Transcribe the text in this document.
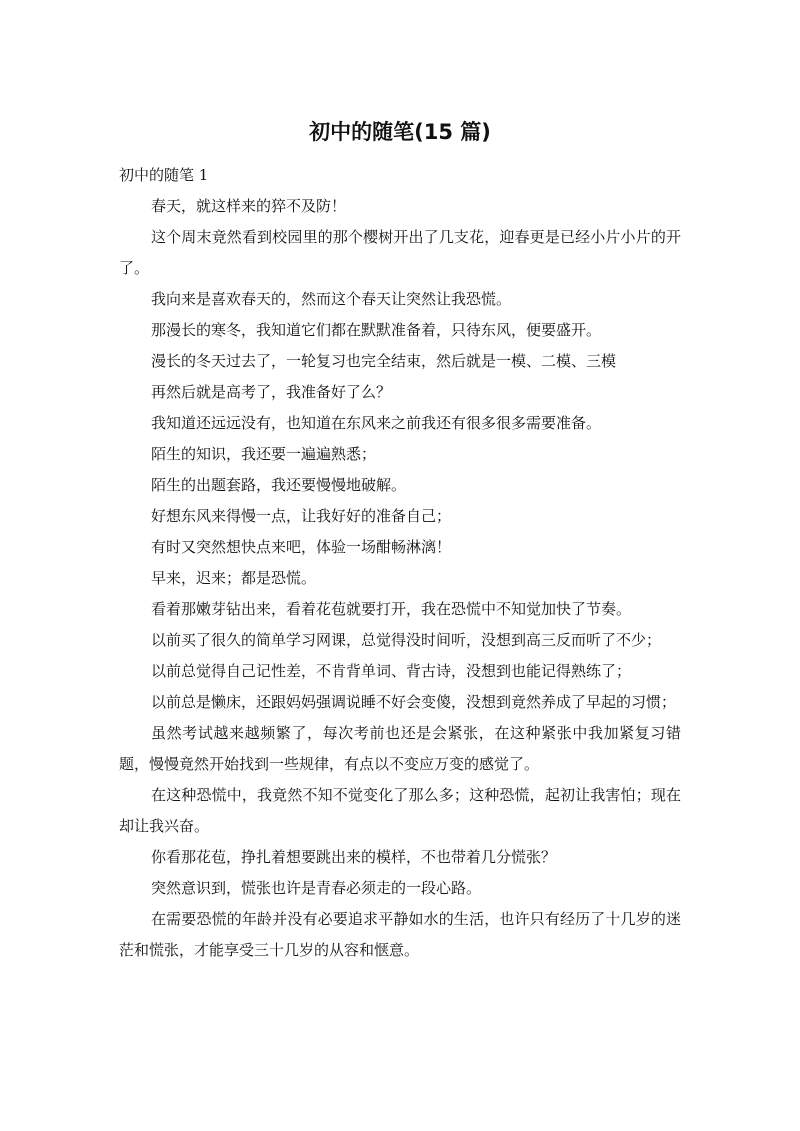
初中的随笔(15 篇)

初中的随笔 1

春天，就这样来的猝不及防！

这个周末竟然看到校园里的那个樱树开出了几支花，迎春更是已经小片小片的开了。

我向来是喜欢春天的，然而这个春天让突然让我恐慌。

那漫长的寒冬，我知道它们都在默默准备着，只待东风，便要盛开。

漫长的冬天过去了，一轮复习也完全结束，然后就是一模、二模、三模

再然后就是高考了，我准备好了么？

我知道还远远没有，也知道在东风来之前我还有很多很多需要准备。

陌生的知识，我还要一遍遍熟悉；

陌生的出题套路，我还要慢慢地破解。

好想东风来得慢一点，让我好好的准备自己；

有时又突然想快点来吧，体验一场酣畅淋漓！

早来，迟来；都是恐慌。

看着那嫩芽钻出来，看着花苞就要打开，我在恐慌中不知觉加快了节奏。

以前买了很久的简单学习网课，总觉得没时间听，没想到高三反而听了不少；

以前总觉得自己记性差，不肯背单词、背古诗，没想到也能记得熟练了；

以前总是懒床，还跟妈妈强调说睡不好会变傻，没想到竟然养成了早起的习惯；

虽然考试越来越频繁了，每次考前也还是会紧张，在这种紧张中我加紧复习错题，慢慢竟然开始找到一些规律，有点以不变应万变的感觉了。

在这种恐慌中，我竟然不知不觉变化了那么多；这种恐慌，起初让我害怕；现在却让我兴奋。

你看那花苞，挣扎着想要跳出来的模样，不也带着几分慌张？

突然意识到，慌张也许是青春必须走的一段心路。

在需要恐慌的年龄并没有必要追求平静如水的生活，也许只有经历了十几岁的迷茫和慌张，才能享受三十几岁的从容和惬意。
